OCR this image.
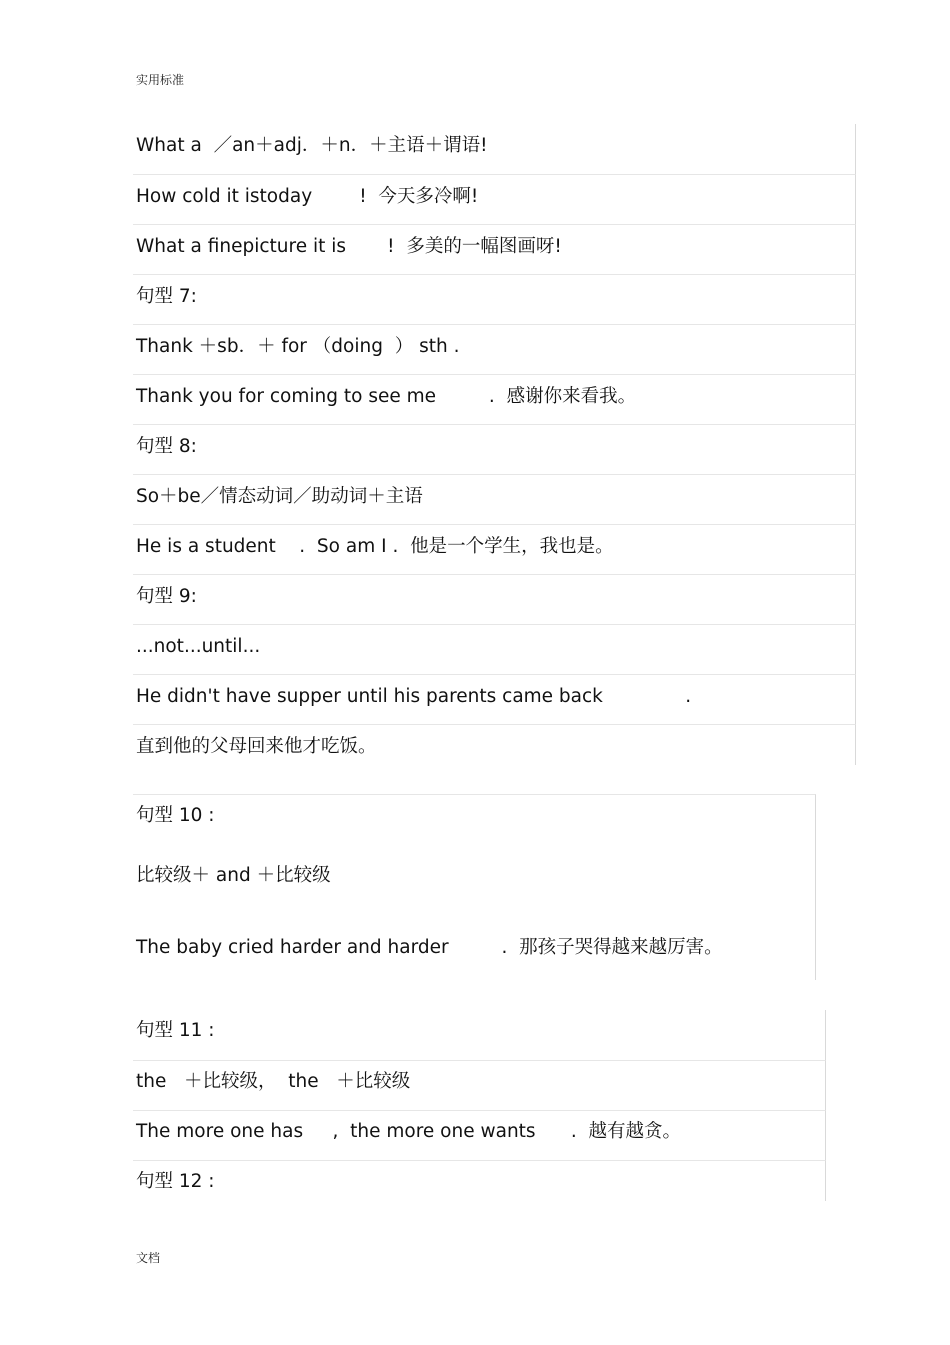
实用标准
What a  ／an＋adj．＋n．＋主语＋谓语!
How cold it istoday        !  今天多冷啊!
What a finepicture it is       !  多美的一幅图画呀!
句型 7:
Thank ＋sb．＋ for （doing  ） sth .
Thank you for coming to see me         .  感谢你来看我。
句型 8:
So＋be／情态动词／助动词＋主语
He is a student    .  So am I .  他是一个学生，我也是。
句型 9:
...not...until...
He didn't have supper until his parents came back              .
直到他的父母回来他才吃饭。
句型 10 :
比较级＋ and ＋比较级
The baby cried harder and harder         .  那孩子哭得越来越厉害。
句型 11 :
the   ＋比较级，  the   ＋比较级
The more one has     ,  the more one wants      .  越有越贪。
句型 12 :
文档
